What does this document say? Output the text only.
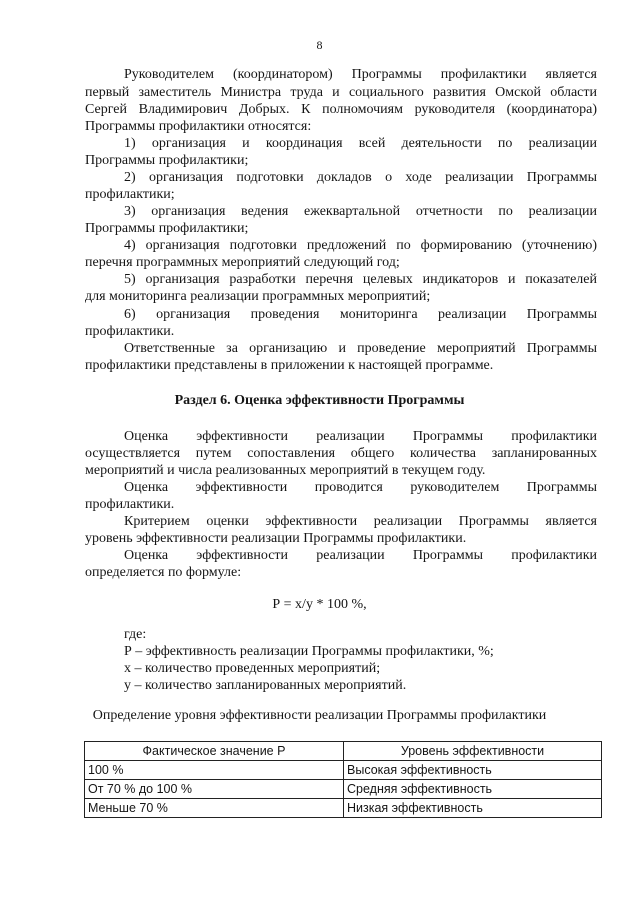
8
Руководителем (координатором) Программы профилактики является
первый заместитель Министра труда и социального развития Омской области
Сергей Владимирович Добрых. К полномочиям руководителя (координатора)
Программы профилактики относятся:
1) организация и координация всей деятельности по реализации
Программы профилактики;
2) организация подготовки докладов о ходе реализации Программы
профилактики;
3) организация ведения ежеквартальной отчетности по реализации
Программы профилактики;
4) организация подготовки предложений по формированию (уточнению)
перечня программных мероприятий следующий год;
5) организация разработки перечня целевых индикаторов и показателей
для мониторинга реализации программных мероприятий;
6) организация проведения мониторинга реализации Программы
профилактики.
Ответственные за организацию и проведение мероприятий Программы
профилактики представлены в приложении к настоящей программе.
Раздел 6. Оценка эффективности Программы
Оценка эффективности реализации Программы профилактики
осуществляется путем сопоставления общего количества запланированных
мероприятий и числа реализованных мероприятий в текущем году.
Оценка эффективности проводится руководителем Программы
профилактики.
Критерием оценки эффективности реализации Программы является
уровень эффективности реализации Программы профилактики.
Оценка эффективности реализации Программы профилактики
определяется по формуле:
Р = х/у * 100 %,
где:
Р – эффективность реализации Программы профилактики, %;
х – количество проведенных мероприятий;
у – количество запланированных мероприятий.
Определение уровня эффективности реализации Программы профилактики
Фактическое значение Р	Уровень эффективности
100 %	Высокая эффективность
От 70 % до 100 %	Средняя эффективность
Меньше 70 %	Низкая эффективность
